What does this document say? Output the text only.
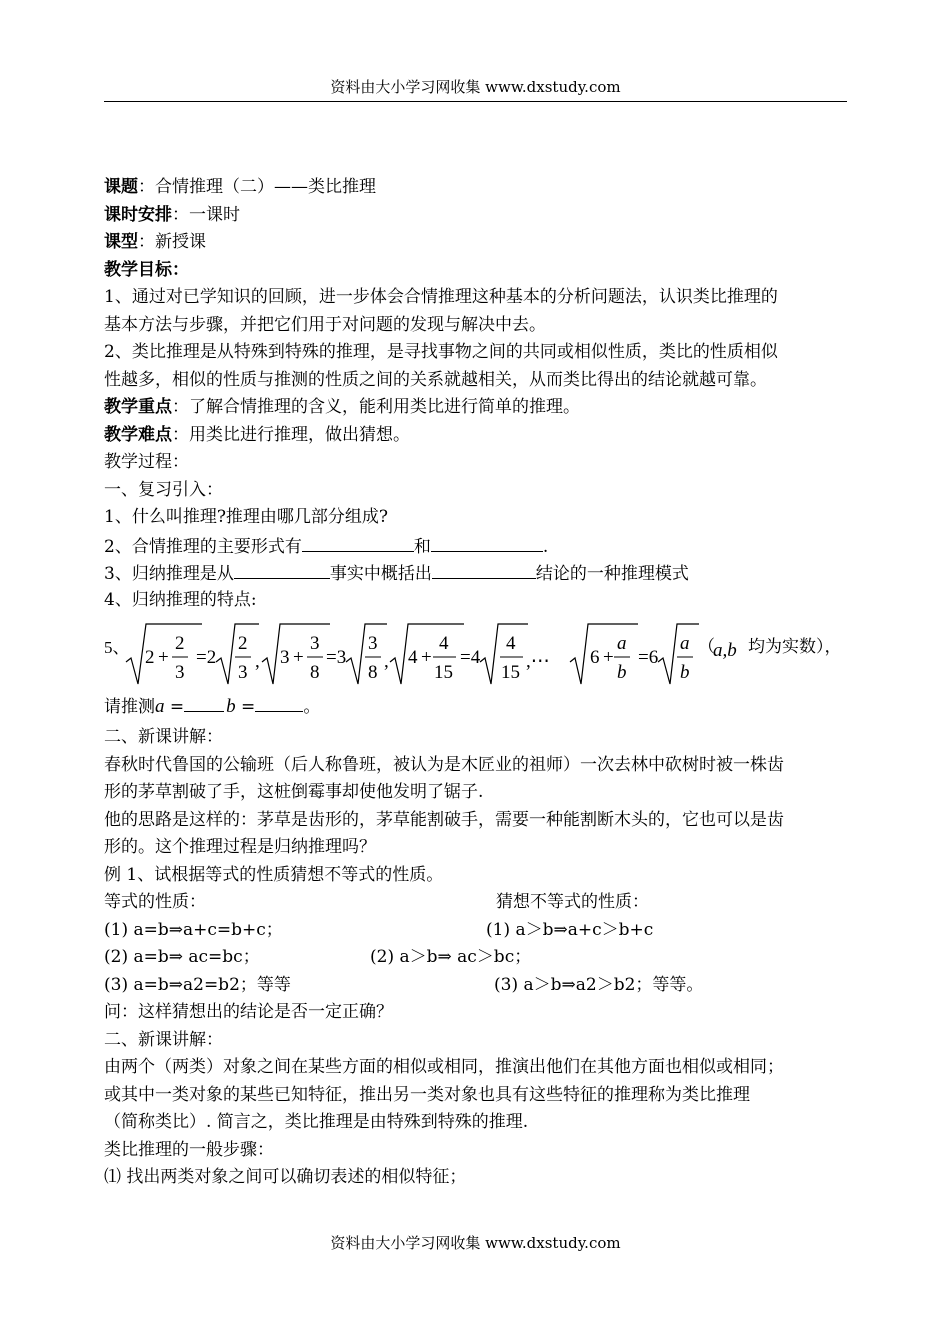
资料由大小学习网收集 www.dxstudy.com
课题：合情推理（二）——类比推理
课时安排：一课时
课型：新授课
教学目标：
1、通过对已学知识的回顾，进一步体会合情推理这种基本的分析问题法，认识类比推理的
基本方法与步骤，并把它们用于对问题的发现与解决中去。
2、类比推理是从特殊到特殊的推理，是寻找事物之间的共同或相似性质，类比的性质相似
性越多，相似的性质与推测的性质之间的关系就越相关，从而类比得出的结论就越可靠。
教学重点：了解合情推理的含义，能利用类比进行简单的推理。
教学难点：用类比进行推理，做出猜想。
教学过程：
一、复习引入：
1、什么叫推理?推理由哪几部分组成?
2、合情推理的主要形式有	和	.
3、归纳推理是从	事实中概括出	结论的一种推理模式
4、归纳推理的特点:
5、 2 +
2
3
=2
2
3
, 3 +
3
8
=3
3
8
, 4 +
4
15
=4
4
15
,⋯ 6 +
a
b
=6
a
b
（
a,b 均为实数），
请推测a = b =	。
二、新课讲解：
春秋时代鲁国的公输班（后人称鲁班，被认为是木匠业的祖师）一次去林中砍树时被一株齿
形的茅草割破了手，这桩倒霉事却使他发明了锯子.
他的思路是这样的：茅草是齿形的，茅草能割破手，需要一种能割断木头的，它也可以是齿
形的。这个推理过程是归纳推理吗？
例 1、试根据等式的性质猜想不等式的性质。
等式的性质：	猜想不等式的性质：
(1) a=b⇒a+c=b+c；	(1) a＞b⇒a+c＞b+c
(2) a=b⇒ ac=bc；	(2) a＞b⇒ ac＞bc；
(3) a=b⇒a2=b2；等等	(3) a＞b⇒a2＞b2；等等。
问：这样猜想出的结论是否一定正确？
二、新课讲解：
由两个（两类）对象之间在某些方面的相似或相同，推演出他们在其他方面也相似或相同；
或其中一类对象的某些已知特征，推出另一类对象也具有这些特征的推理称为类比推理
（简称类比）. 简言之，类比推理是由特殊到特殊的推理.
类比推理的一般步骤：
⑴ 找出两类对象之间可以确切表述的相似特征；
资料由大小学习网收集 www.dxstudy.com
